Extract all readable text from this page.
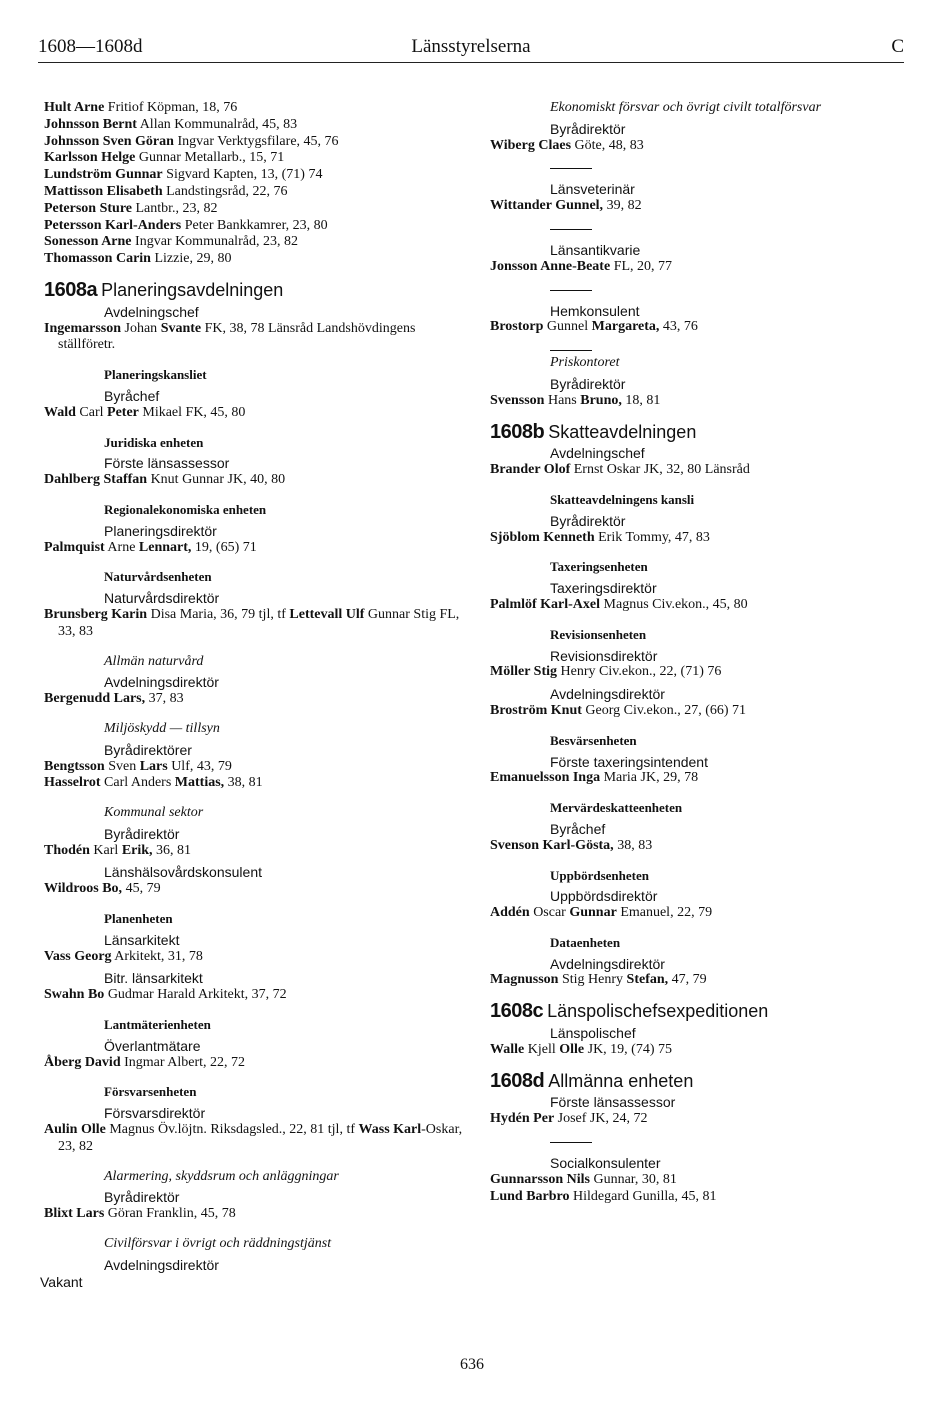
1608—1608d	Länsstyrelserna	C
Hult Arne Fritiof Köpman, 18, 76
Johnsson Bernt Allan Kommunalråd, 45, 83
Johnsson Sven Göran Ingvar Verktygsfilare, 45, 76
Karlsson Helge Gunnar Metallarb., 15, 71
Lundström Gunnar Sigvard Kapten, 13, (71) 74
Mattisson Elisabeth Landstingsråd, 22, 76
Peterson Sture Lantbr., 23, 82
Petersson Karl-Anders Peter Bankkamrer, 23, 80
Sonesson Arne Ingvar Kommunalråd, 23, 82
Thomasson Carin Lizzie, 29, 80
1608a Planeringsavdelningen
Avdelningschef
Ingemarsson Johan Svante FK, 38, 78 Länsråd Landshövdingens ställföretr.
Planeringskansliet
Byråchef
Wald Carl Peter Mikael FK, 45, 80
Juridiska enheten
Förste länsassessor
Dahlberg Staffan Knut Gunnar JK, 40, 80
Regionalekonomiska enheten
Planeringsdirektör
Palmquist Arne Lennart, 19, (65) 71
Naturvårdsenheten
Naturvårdsdirektör
Brunsberg Karin Disa Maria, 36, 79 tjl, tf Lettevall Ulf Gunnar Stig FL, 33, 83
Allmän naturvård
Avdelningsdirektör
Bergenudd Lars, 37, 83
Miljöskydd — tillsyn
Byrådirektörer
Bengtsson Sven Lars Ulf, 43, 79
Hasselrot Carl Anders Mattias, 38, 81
Kommunal sektor
Byrådirektör
Thodén Karl Erik, 36, 81
Länshälsovårdskonsulent
Wildroos Bo, 45, 79
Planenheten
Länsarkitekt
Vass Georg Arkitekt, 31, 78
Bitr. länsarkitekt
Swahn Bo Gudmar Harald Arkitekt, 37, 72
Lantmäterienheten
Överlantmätare
Åberg David Ingmar Albert, 22, 72
Försvarsenheten
Försvarsdirektör
Aulin Olle Magnus Öv.löjtn. Riksdagsled., 22, 81 tjl, tf Wass Karl-Oskar, 23, 82
Alarmering, skyddsrum och anläggningar
Byrådirektör
Blixt Lars Göran Franklin, 45, 78
Civilförsvar i övrigt och räddningstjänst
Avdelningsdirektör
Vakant
Ekonomiskt försvar och övrigt civilt totalförsvar
Byrådirektör
Wiberg Claes Göte, 48, 83
Länsveterinär
Wittander Gunnel, 39, 82
Länsantikvarie
Jonsson Anne-Beate FL, 20, 77
Hemkonsulent
Brostorp Gunnel Margareta, 43, 76
Priskontoret
Byrådirektör
Svensson Hans Bruno, 18, 81
1608b Skatteavdelningen
Avdelningschef
Brander Olof Ernst Oskar JK, 32, 80 Länsråd
Skatteavdelningens kansli
Byrådirektör
Sjöblom Kenneth Erik Tommy, 47, 83
Taxeringsenheten
Taxeringsdirektör
Palmlöf Karl-Axel Magnus Civ.ekon., 45, 80
Revisionsenheten
Revisionsdirektör
Möller Stig Henry Civ.ekon., 22, (71) 76
Avdelningsdirektör
Broström Knut Georg Civ.ekon., 27, (66) 71
Besvärsenheten
Förste taxeringsintendent
Emanuelsson Inga Maria JK, 29, 78
Mervärdeskatteenheten
Byråchef
Svenson Karl-Gösta, 38, 83
Uppbördsenheten
Uppbördsdirektör
Addén Oscar Gunnar Emanuel, 22, 79
Dataenheten
Avdelningsdirektör
Magnusson Stig Henry Stefan, 47, 79
1608c Länspolischefsexpeditionen
Länspolischef
Walle Kjell Olle JK, 19, (74) 75
1608d Allmänna enheten
Förste länsassessor
Hydén Per Josef JK, 24, 72
Socialkonsulenter
Gunnarsson Nils Gunnar, 30, 81
Lund Barbro Hildegard Gunilla, 45, 81
636
